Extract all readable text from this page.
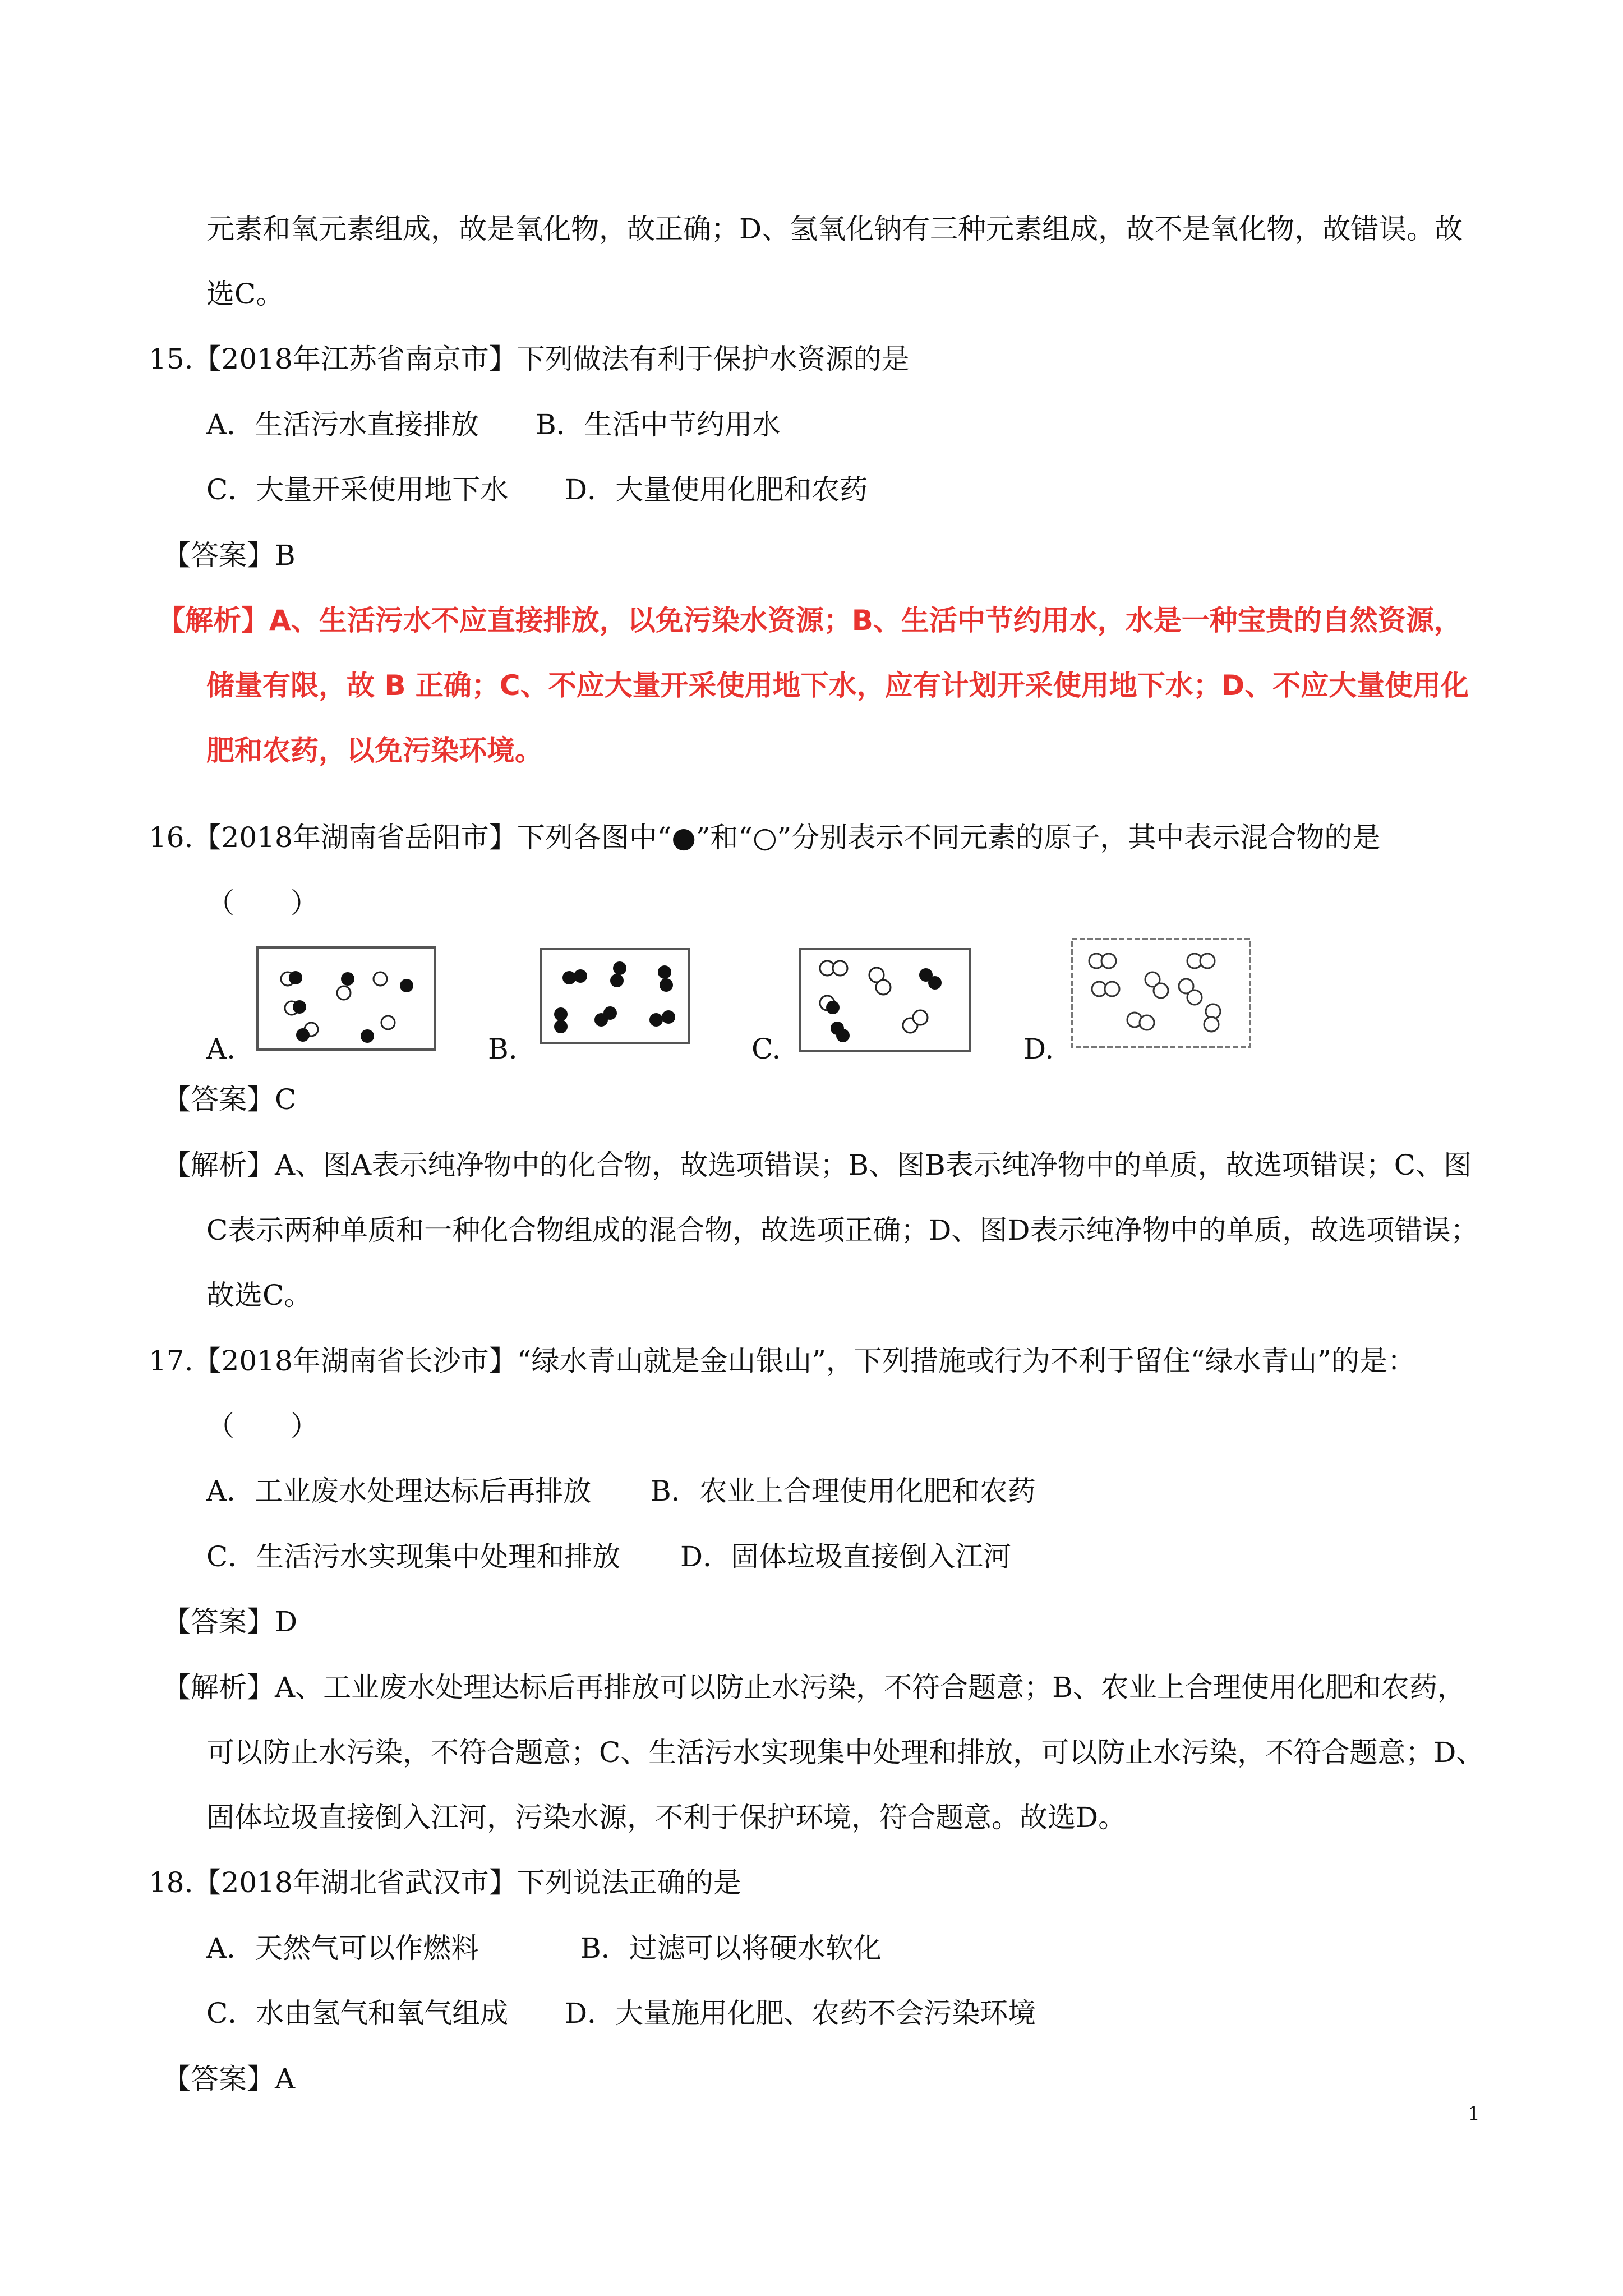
元素和氧元素组成，故是氧化物，故正确；D、氢氧化钠有三种元素组成，故不是氧化物，故错误。故
选C。
15.【2018年江苏省南京市】下列做法有利于保护水资源的是
A．生活污水直接排放 B．生活中节约用水
C．大量开采使用地下水 D．大量使用化肥和农药
【答案】B
【解析】A、生活污水不应直接排放，以免污染水资源；B、生活中节约用水，水是一种宝贵的自然资源，
储量有限，故 B 正确；C、不应大量开采使用地下水，应有计划开采使用地下水；D、不应大量使用化
肥和农药，以免污染环境。
16.【2018年湖南省岳阳市】下列各图中“●”和“○”分别表示不同元素的原子，其中表示混合物的是
（　　）
A.	B.	C.	D.
【答案】C
【解析】A、图A表示纯净物中的化合物，故选项错误；B、图B表示纯净物中的单质，故选项错误；C、图
C表示两种单质和一种化合物组成的混合物，故选项正确；D、图D表示纯净物中的单质，故选项错误；
故选C。
17.【2018年湖南省长沙市】“绿水青山就是金山银山”，下列措施或行为不利于留住“绿水青山”的是：
（　　）
A．工业废水处理达标后再排放 B．农业上合理使用化肥和农药
C．生活污水实现集中处理和排放 D．固体垃圾直接倒入江河
【答案】D
【解析】A、工业废水处理达标后再排放可以防止水污染，不符合题意；B、农业上合理使用化肥和农药，
可以防止水污染，不符合题意；C、生活污水实现集中处理和排放，可以防止水污染，不符合题意；D、
固体垃圾直接倒入江河，污染水源，不利于保护环境，符合题意。故选D。
18.【2018年湖北省武汉市】下列说法正确的是
A．天然气可以作燃料	B．过滤可以将硬水软化
C．水由氢气和氧气组成 D．大量施用化肥、农药不会污染环境
【答案】A
1
